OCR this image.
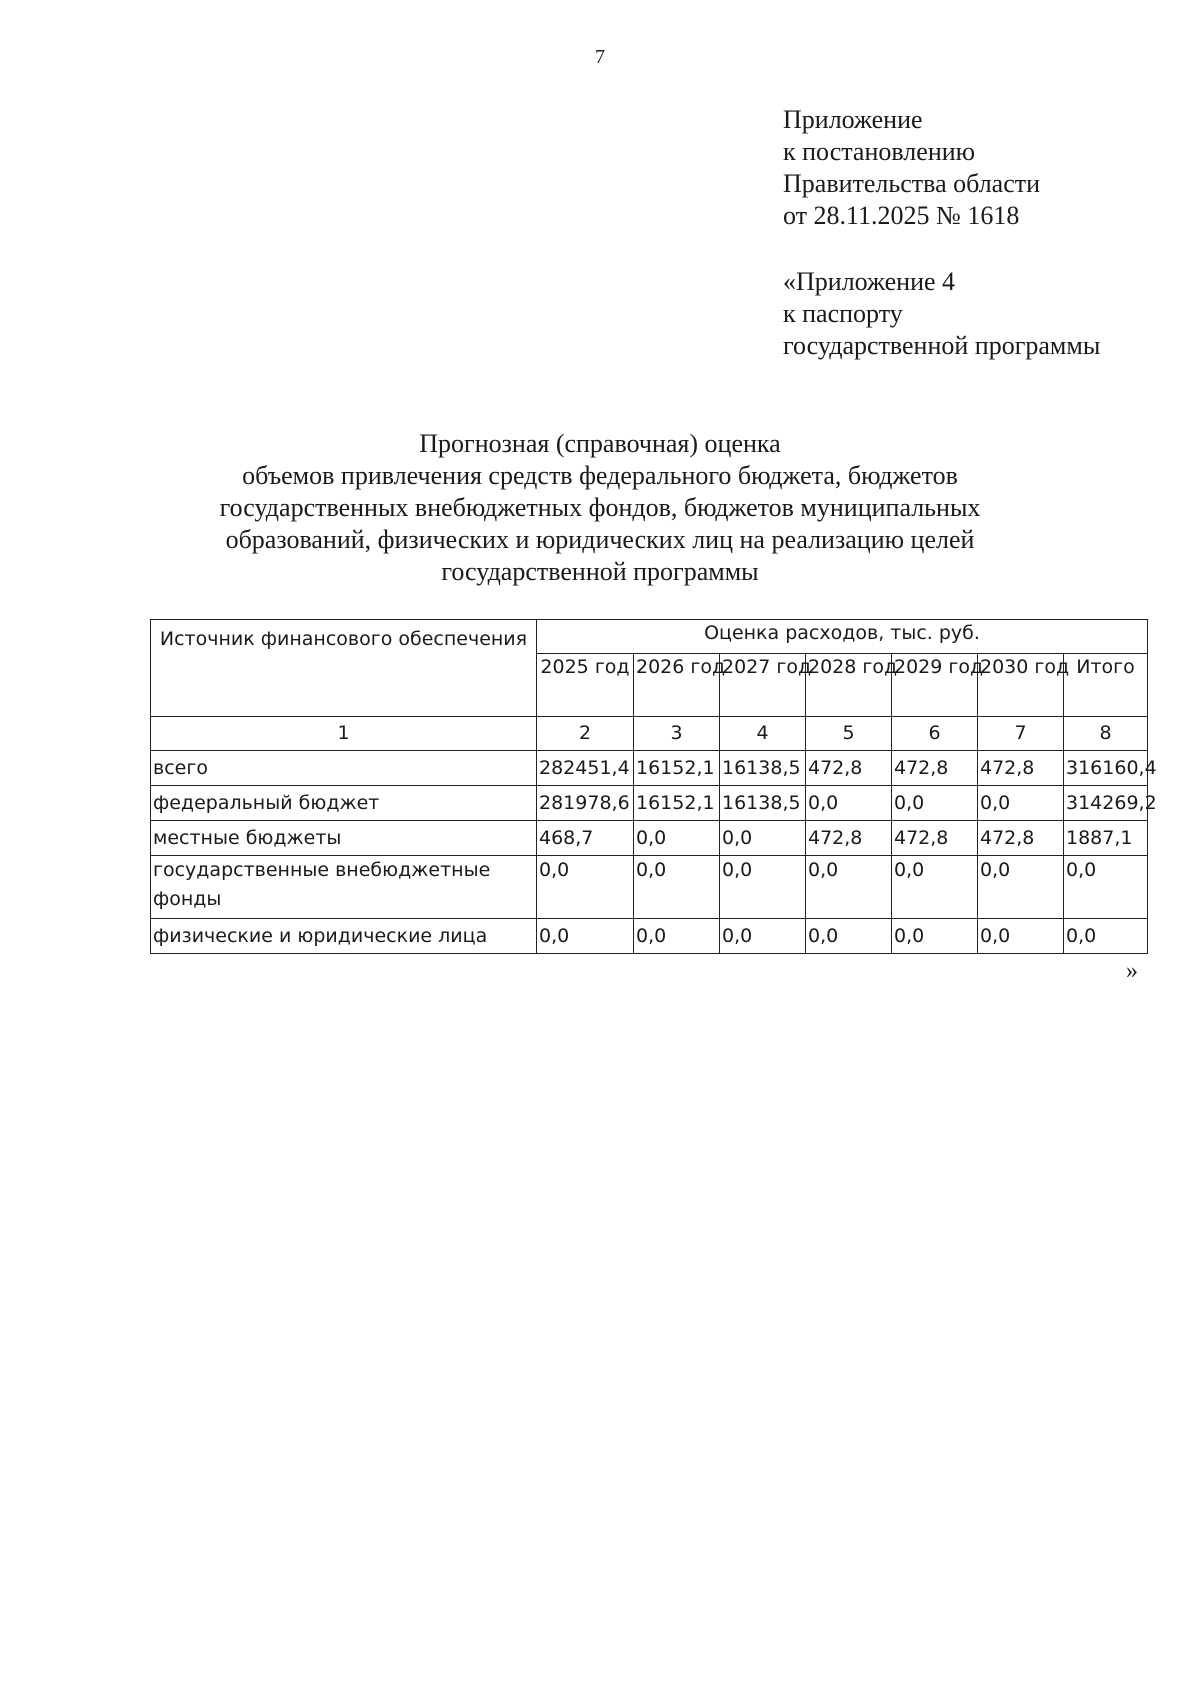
7
Приложение
к постановлению
Правительства области
от 28.11.2025 № 1618
«Приложение 4
к паспорту
государственной программы
Прогнозная (справочная) оценка
объемов привлечения средств федерального бюджета, бюджетов
государственных внебюджетных фондов, бюджетов муниципальных
образований, физических и юридических лиц на реализацию целей
государственной программы
Источник финансового обеспечения	Оценка расходов, тыс. руб.						
	2025 год	2026 год	2027 год	2028 год	2029 год	2030 год	Итого
1	2	3	4	5	6	7	8
всего	282451,4	16152,1	16138,5	472,8	472,8	472,8	316160,4
федеральный бюджет	281978,6	16152,1	16138,5	0,0	0,0	0,0	314269,2
местные бюджеты	468,7	0,0	0,0	472,8	472,8	472,8	1887,1
государственные внебюджетные фонды	0,0	0,0	0,0	0,0	0,0	0,0	0,0
физические и юридические лица	0,0	0,0	0,0	0,0	0,0	0,0	0,0
»
